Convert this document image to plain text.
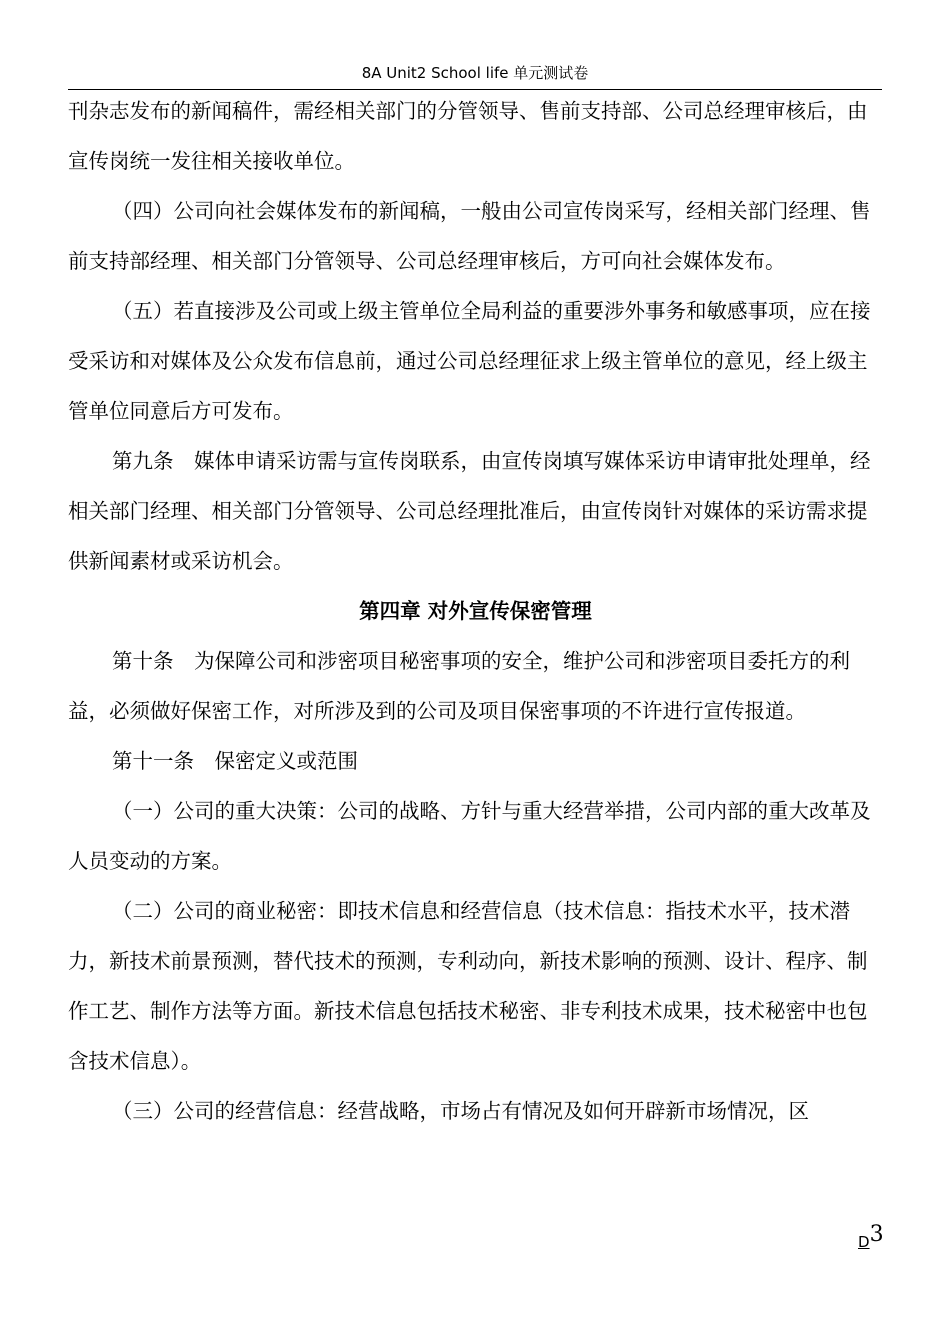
8A Unit2 School life 单元测试卷

刊杂志发布的新闻稿件，需经相关部门的分管领导、售前支持部、公司总经理审核后，由宣传岗统一发往相关接收单位。

（四）公司向社会媒体发布的新闻稿，一般由公司宣传岗采写，经相关部门经理、售前支持部经理、相关部门分管领导、公司总经理审核后，方可向社会媒体发布。

（五）若直接涉及公司或上级主管单位全局利益的重要涉外事务和敏感事项，应在接受采访和对媒体及公众发布信息前，通过公司总经理征求上级主管单位的意见，经上级主管单位同意后方可发布。

第九条　媒体申请采访需与宣传岗联系，由宣传岗填写媒体采访申请审批处理单，经相关部门经理、相关部门分管领导、公司总经理批准后，由宣传岗针对媒体的采访需求提供新闻素材或采访机会。

第四章 对外宣传保密管理

第十条　为保障公司和涉密项目秘密事项的安全，维护公司和涉密项目委托方的利益，必须做好保密工作，对所涉及到的公司及项目保密事项的不许进行宣传报道。

第十一条　保密定义或范围

（一）公司的重大决策：公司的战略、方针与重大经营举措，公司内部的重大改革及人员变动的方案。

（二）公司的商业秘密：即技术信息和经营信息（技术信息：指技术水平，技术潜力，新技术前景预测，替代技术的预测，专利动向，新技术影响的预测、设计、程序、制作工艺、制作方法等方面。新技术信息包括技术秘密、非专利技术成果，技术秘密中也包含技术信息）。

（三）公司的经营信息：经营战略，市场占有情况及如何开辟新市场情况，区

D3
